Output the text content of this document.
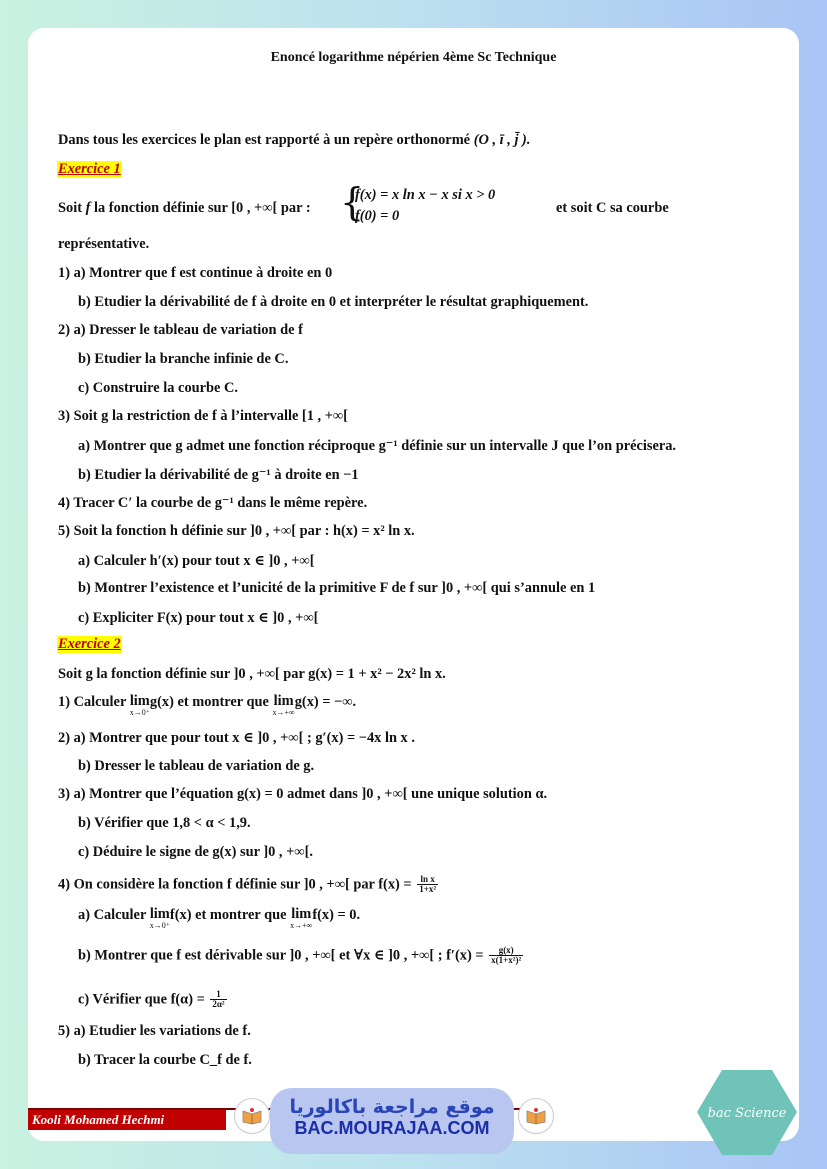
Enoncé logarithme népérien 4ème Sc Technique
Dans tous les exercices le plan est rapporté à un repère orthonormé (O , ī , j̄ ).
Exercice 1
Soit f la fonction définie sur [0 , +∞[ par : {
f(x) = x ln x − x si x > 0
f(0) = 0	et soit C sa courbe
représentative.
1) a) Montrer que f est continue à droite en 0
b) Etudier la dérivabilité de f à droite en 0 et interpréter le résultat graphiquement.
2) a) Dresser le tableau de variation de f
b) Etudier la branche infinie de C.
c) Construire la courbe C.
3) Soit g la restriction de f à l’intervalle [1 , +∞[
a) Montrer que g admet une fonction réciproque g⁻¹ définie sur un intervalle J que l’on précisera.
b) Etudier la dérivabilité de g⁻¹ à droite en −1
4) Tracer C′ la courbe de g⁻¹ dans le même repère.
5) Soit la fonction h définie sur ]0 , +∞[ par : h(x) = x² ln x.
a) Calculer h′(x) pour tout x ∈ ]0 , +∞[
b) Montrer l’existence et l’unicité de la primitive F de f sur ]0 , +∞[ qui s’annule en 1
c) Expliciter F(x) pour tout x ∈ ]0 , +∞[
Exercice 2
Soit g la fonction définie sur ]0 , +∞[ par g(x) = 1 + x² − 2x² ln x.
1) Calculer lim
x→0⁺
g(x) et montrer que lim
x→+∞
g(x) = −∞.
2) a) Montrer que pour tout x ∈ ]0 , +∞[ ; g′(x) = −4x ln x .
b) Dresser le tableau de variation de g.
3) a) Montrer que l’équation g(x) = 0 admet dans ]0 , +∞[ une unique solution α.
b) Vérifier que 1,8 < α < 1,9.
c) Déduire le signe de g(x) sur ]0 , +∞[.
4) On considère la fonction f définie sur ]0 , +∞[ par $f(x) = \frac{\text{ln x}}{\text{1+x²}}$
a) Calculer lim
x→0⁺
f(x) et montrer que lim
x→+∞
f(x) = 0.
b) Montrer que f est dérivable sur ]0 , +∞[ et ∀x ∈ ]0 , +∞[ ; $f'(x) = \frac{g(x)}{\text{x(1+x²)²}}$
c) Vérifier que $f(\alpha) = \frac{1}{\text{2α²}}$
5) a) Etudier les variations de f.
b) Tracer la courbe C_f de f.
Kooli Mohamed Hechmi
موقع مراجعة باكالوريا
BAC.MOURAJAA.COM
bac Science
